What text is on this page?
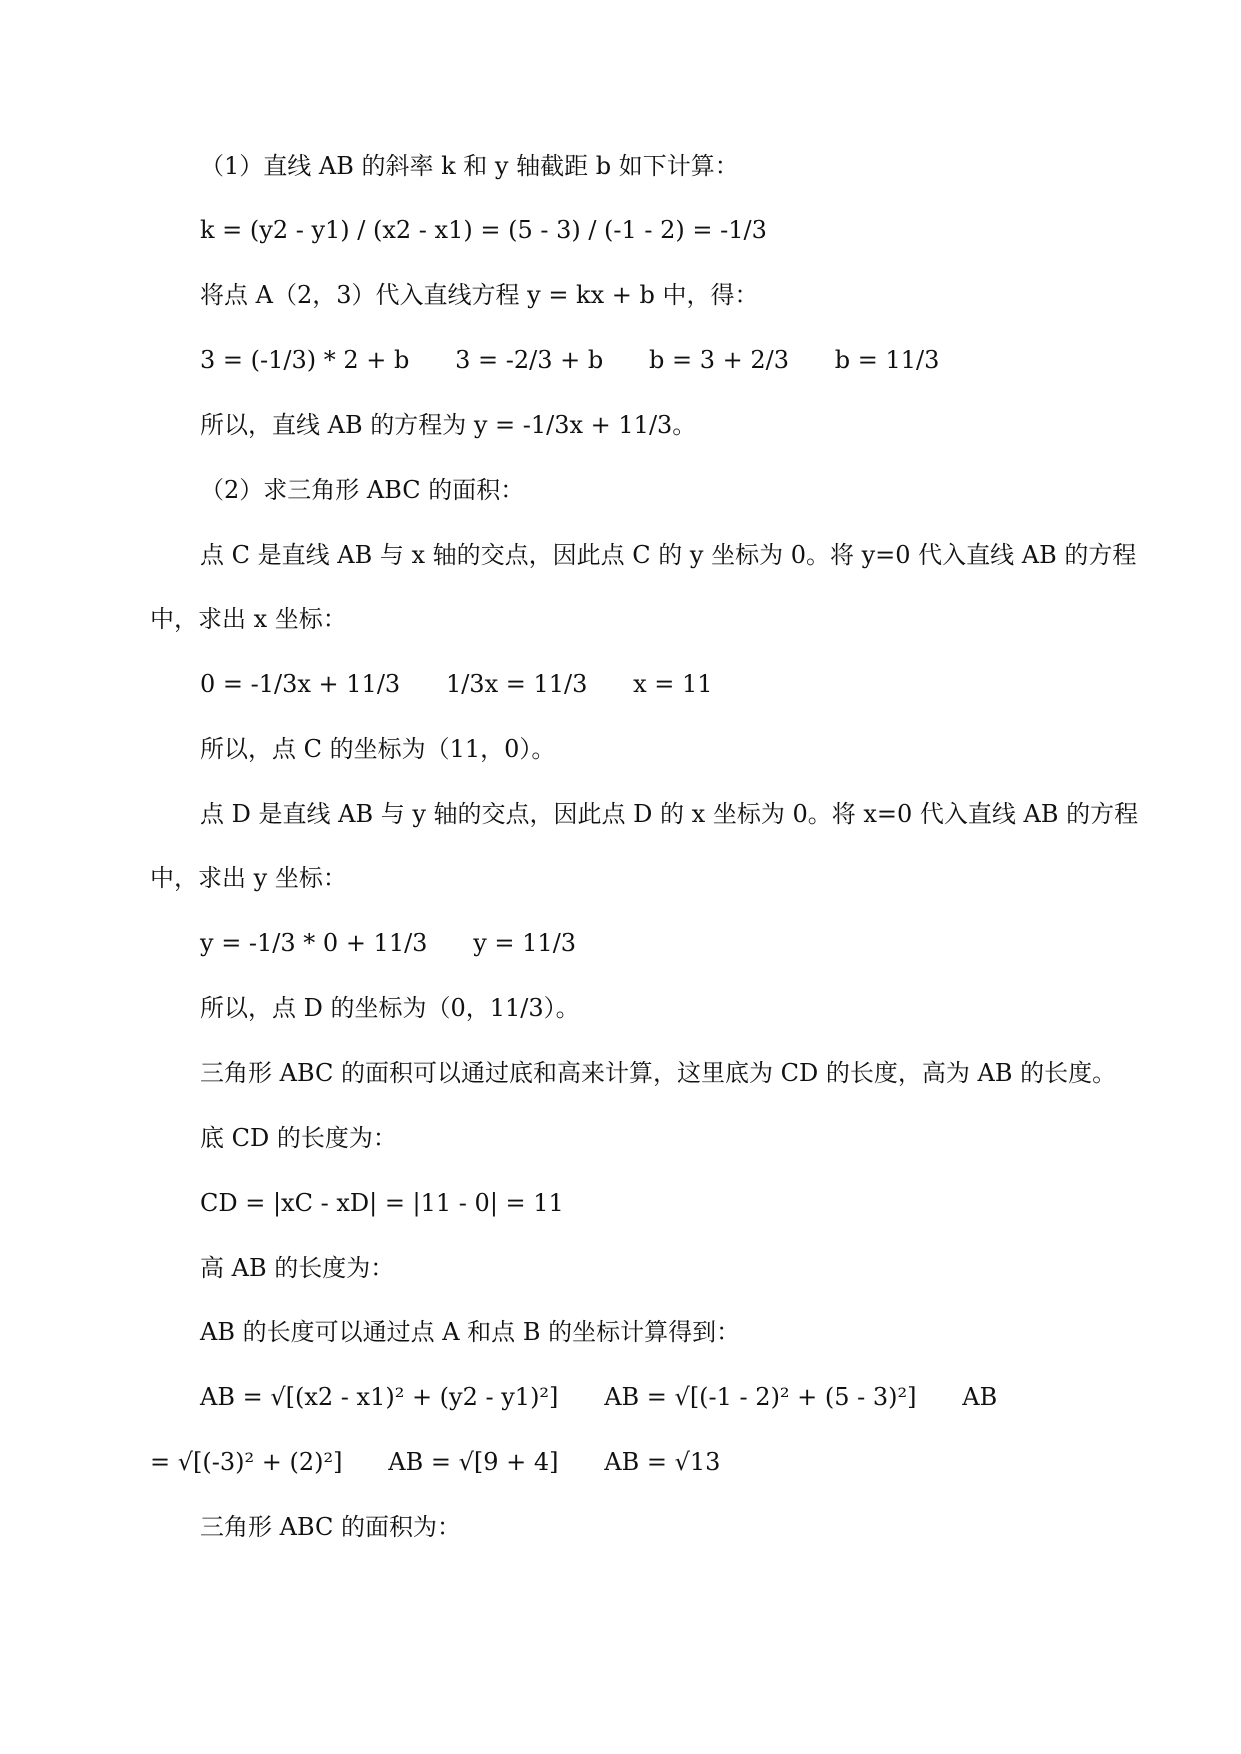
（1）直线 AB 的斜率 k 和 y 轴截距 b 如下计算：
k = (y2 - y1) / (x2 - x1) = (5 - 3) / (-1 - 2) = -1/3
将点 A（2，3）代入直线方程 y = kx + b 中，得：
3 = (-1/3) * 2 + b      3 = -2/3 + b      b = 3 + 2/3      b = 11/3
所以，直线 AB 的方程为 y = -1/3x + 11/3。
（2）求三角形 ABC 的面积：
点 C 是直线 AB 与 x 轴的交点，因此点 C 的 y 坐标为 0。将 y=0 代入直线 AB 的方程
中，求出 x 坐标：
0 = -1/3x + 11/3      1/3x = 11/3      x = 11
所以，点 C 的坐标为（11，0）。
点 D 是直线 AB 与 y 轴的交点，因此点 D 的 x 坐标为 0。将 x=0 代入直线 AB 的方程
中，求出 y 坐标：
y = -1/3 * 0 + 11/3      y = 11/3
所以，点 D 的坐标为（0，11/3）。
三角形 ABC 的面积可以通过底和高来计算，这里底为 CD 的长度，高为 AB 的长度。
底 CD 的长度为：
CD = |xC - xD| = |11 - 0| = 11
高 AB 的长度为：
AB 的长度可以通过点 A 和点 B 的坐标计算得到：
AB = √[(x2 - x1)² + (y2 - y1)²]      AB = √[(-1 - 2)² + (5 - 3)²]      AB
= √[(-3)² + (2)²]      AB = √[9 + 4]      AB = √13
三角形 ABC 的面积为：
